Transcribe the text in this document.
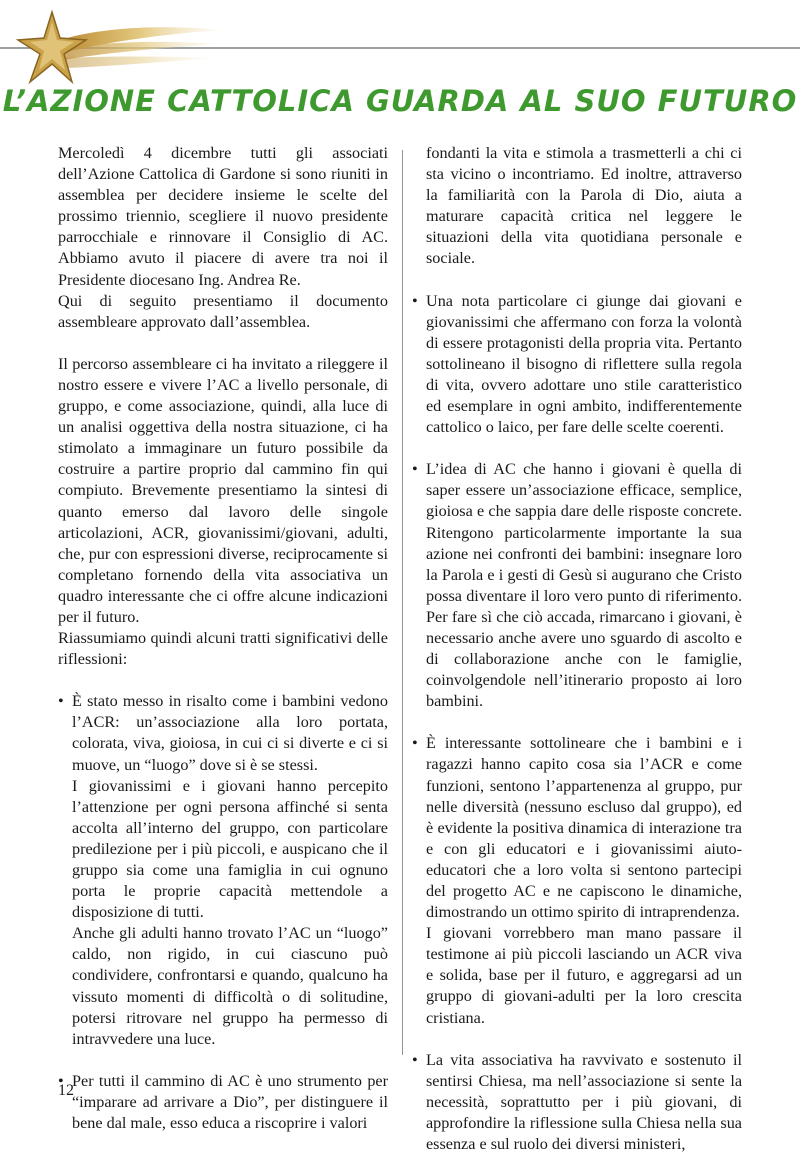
L’AZIONE CATTOLICA GUARDA AL SUO FUTURO

Mercoledì 4 dicembre tutti gli associati dell’Azione Cattolica di Gardone si sono riuniti in assemblea per decidere insieme le scelte del prossimo triennio, scegliere il nuovo presidente parrocchiale e rinnovare il Consiglio di AC. Abbiamo avuto il piacere di avere tra noi il Presidente diocesano Ing. Andrea Re.

Qui di seguito presentiamo il documento assembleare approvato dall’assemblea.

Il percorso assembleare ci ha invitato a rileggere il nostro essere e vivere l’AC a livello personale, di gruppo, e come associazione, quindi, alla luce di un analisi oggettiva della nostra situazione, ci ha stimolato a immaginare un futuro possibile da costruire a partire proprio dal cammino fin qui compiuto. Brevemente presentiamo la sintesi di quanto emerso dal lavoro delle singole articolazioni, ACR, giovanissimi/giovani, adulti, che, pur con espressioni diverse, reciprocamente si completano fornendo della vita associativa un quadro interessante che ci offre alcune indicazioni per il futuro.

Riassumiamo quindi alcuni tratti significativi delle riflessioni:

• È stato messo in risalto come i bambini vedono l’ACR: un’associazione alla loro portata, colorata, viva, gioiosa, in cui ci si diverte e ci si muove, un “luogo” dove si è se stessi.

I giovanissimi e i giovani hanno percepito l’attenzione per ogni persona affinché si senta accolta all’interno del gruppo, con particolare predilezione per i più piccoli, e auspicano che il gruppo sia come una famiglia in cui ognuno porta le proprie capacità mettendole a disposizione di tutti.

Anche gli adulti hanno trovato l’AC un “luogo” caldo, non rigido, in cui ciascuno può condividere, confrontarsi e quando, qualcuno ha vissuto momenti di difficoltà o di solitudine, potersi ritrovare nel gruppo ha permesso di intravvedere una luce.

• Per tutti il cammino di AC è uno strumento per “imparare ad arrivare a Dio”, per distinguere il bene dal male, esso educa a riscoprire i valori

fondanti la vita e stimola a trasmetterli a chi ci sta vicino o incontriamo. Ed inoltre, attraverso la familiarità con la Parola di Dio, aiuta a maturare capacità critica nel leggere le situazioni della vita quotidiana personale e sociale.

• Una nota particolare ci giunge dai giovani e giovanissimi che affermano con forza la volontà di essere protagonisti della propria vita. Pertanto sottolineano il bisogno di riflettere sulla regola di vita, ovvero adottare uno stile caratteristico ed esemplare in ogni ambito, indifferentemente cattolico o laico, per fare delle scelte coerenti.

• L’idea di AC che hanno i giovani è quella di saper essere un’associazione efficace, semplice, gioiosa e che sappia dare delle risposte concrete. Ritengono particolarmente importante la sua azione nei confronti dei bambini: insegnare loro la Parola e i gesti di Gesù si augurano che Cristo possa diventare il loro vero punto di riferimento. Per fare sì che ciò accada, rimarcano i giovani, è necessario anche avere uno sguardo di ascolto e di collaborazione anche con le famiglie, coinvolgendole nell’itinerario proposto ai loro bambini.

• È interessante sottolineare che i bambini e i ragazzi hanno capito cosa sia l’ACR e come funzioni, sentono l’appartenenza al gruppo, pur nelle diversità (nessuno escluso dal gruppo), ed è evidente la positiva dinamica di interazione tra e con gli educatori e i giovanissimi aiuto- educatori che a loro volta si sentono partecipi del progetto AC e ne capiscono le dinamiche, dimostrando un ottimo spirito di intraprendenza.

I giovani vorrebbero man mano passare il testimone ai più piccoli lasciando un ACR viva e solida, base per il futuro, e aggregarsi ad un gruppo di giovani-adulti per la loro crescita cristiana.

• La vita associativa ha ravvivato e sostenuto il sentirsi Chiesa, ma nell’associazione si sente la necessità, soprattutto per i più giovani, di approfondire la riflessione sulla Chiesa nella sua essenza e sul ruolo dei diversi ministeri,

12
